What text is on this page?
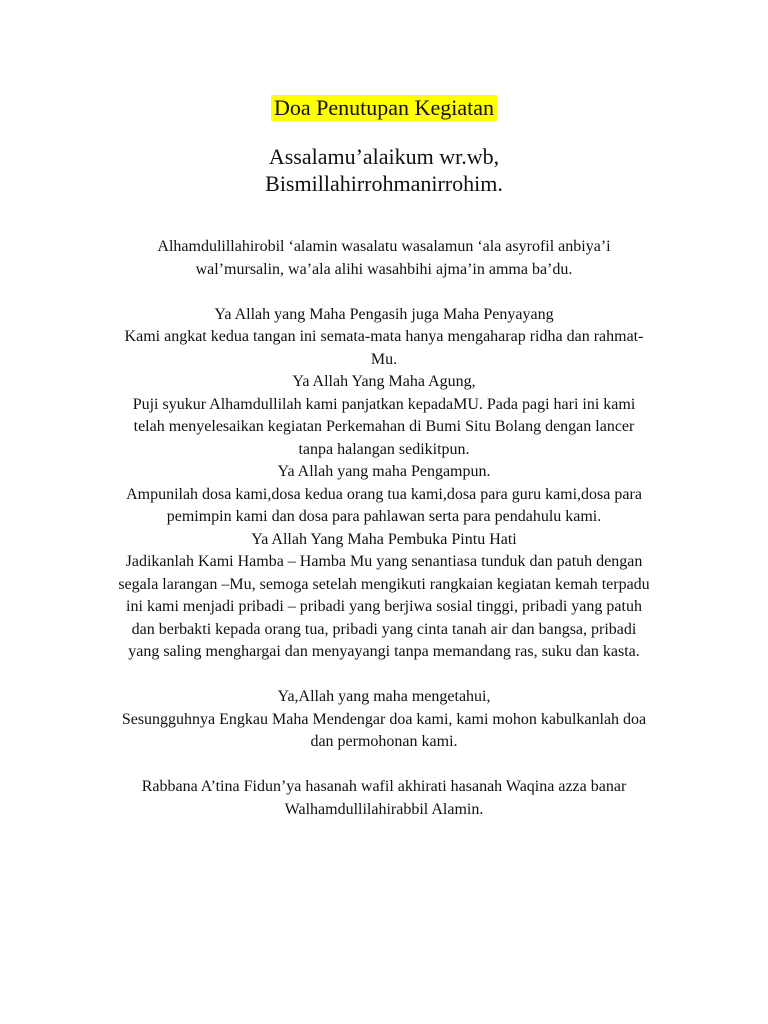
Doa Penutupan Kegiatan
Assalamu’alaikum wr.wb,
Bismillahirrohmanirrohim.

Alhamdulillahirobil ‘alamin wasalatu wasalamun ‘ala asyrofil anbiya’i
wal’mursalin, wa’ala alihi wasahbihi ajma’in amma ba’du.

Ya Allah yang Maha Pengasih juga Maha Penyayang
Kami angkat kedua tangan ini semata-mata hanya mengaharap ridha dan rahmat-
Mu.
Ya Allah Yang Maha Agung,
Puji syukur Alhamdullilah kami panjatkan kepadaMU. Pada pagi hari ini kami
telah menyelesaikan kegiatan Perkemahan di Bumi Situ Bolang dengan lancer
tanpa halangan sedikitpun.
Ya Allah yang maha Pengampun.
Ampunilah dosa kami,dosa kedua orang tua kami,dosa para guru kami,dosa para
pemimpin kami dan dosa para pahlawan serta para pendahulu kami.
Ya Allah Yang Maha Pembuka Pintu Hati
Jadikanlah Kami Hamba – Hamba Mu yang senantiasa tunduk dan patuh dengan
segala larangan –Mu, semoga setelah mengikuti rangkaian kegiatan kemah terpadu
ini kami menjadi pribadi – pribadi yang berjiwa sosial tinggi, pribadi yang patuh
dan berbakti kepada orang tua, pribadi yang cinta tanah air dan bangsa, pribadi
yang saling menghargai dan menyayangi tanpa memandang ras, suku dan kasta.

Ya,Allah yang maha mengetahui,
Sesungguhnya Engkau Maha Mendengar doa kami, kami mohon kabulkanlah doa
dan permohonan kami.

Rabbana A’tina Fidun’ya hasanah wafil akhirati hasanah Waqina azza banar
Walhamdullilahirabbil Alamin.
